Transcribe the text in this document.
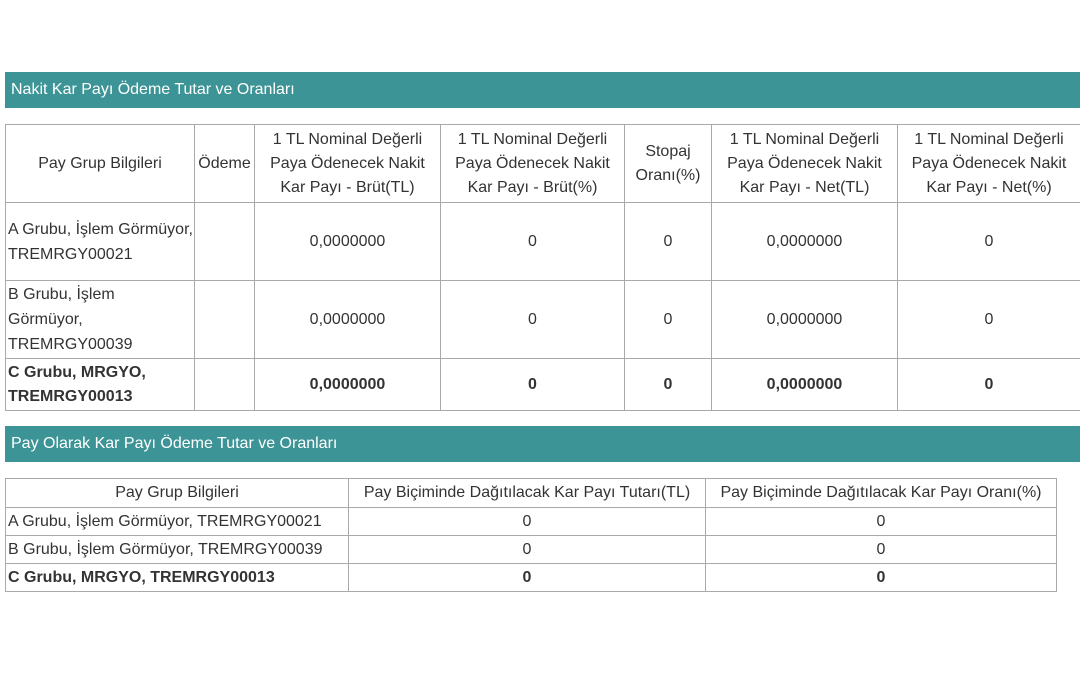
Nakit Kar Payı Ödeme Tutar ve Oranları
Pay Grup Bilgileri	Ödeme	1 TL Nominal Değerli Paya Ödenecek Nakit Kar Payı - Brüt(TL)	1 TL Nominal Değerli Paya Ödenecek Nakit Kar Payı - Brüt(%)	Stopaj Oranı(%)	1 TL Nominal Değerli Paya Ödenecek Nakit Kar Payı - Net(TL)	1 TL Nominal Değerli Paya Ödenecek Nakit Kar Payı - Net(%)
A Grubu, İşlem Görmüyor, TREMRGY00021		0,0000000	0	0	0,0000000	0
B Grubu, İşlem Görmüyor, TREMRGY00039		0,0000000	0	0	0,0000000	0
C Grubu, MRGYO, TREMRGY00013		0,0000000	0	0	0,0000000	0
Pay Olarak Kar Payı Ödeme Tutar ve Oranları
Pay Grup Bilgileri	Pay Biçiminde Dağıtılacak Kar Payı Tutarı(TL)	Pay Biçiminde Dağıtılacak Kar Payı Oranı(%)
A Grubu, İşlem Görmüyor, TREMRGY00021	0	0
B Grubu, İşlem Görmüyor, TREMRGY00039	0	0
C Grubu, MRGYO, TREMRGY00013	0	0
